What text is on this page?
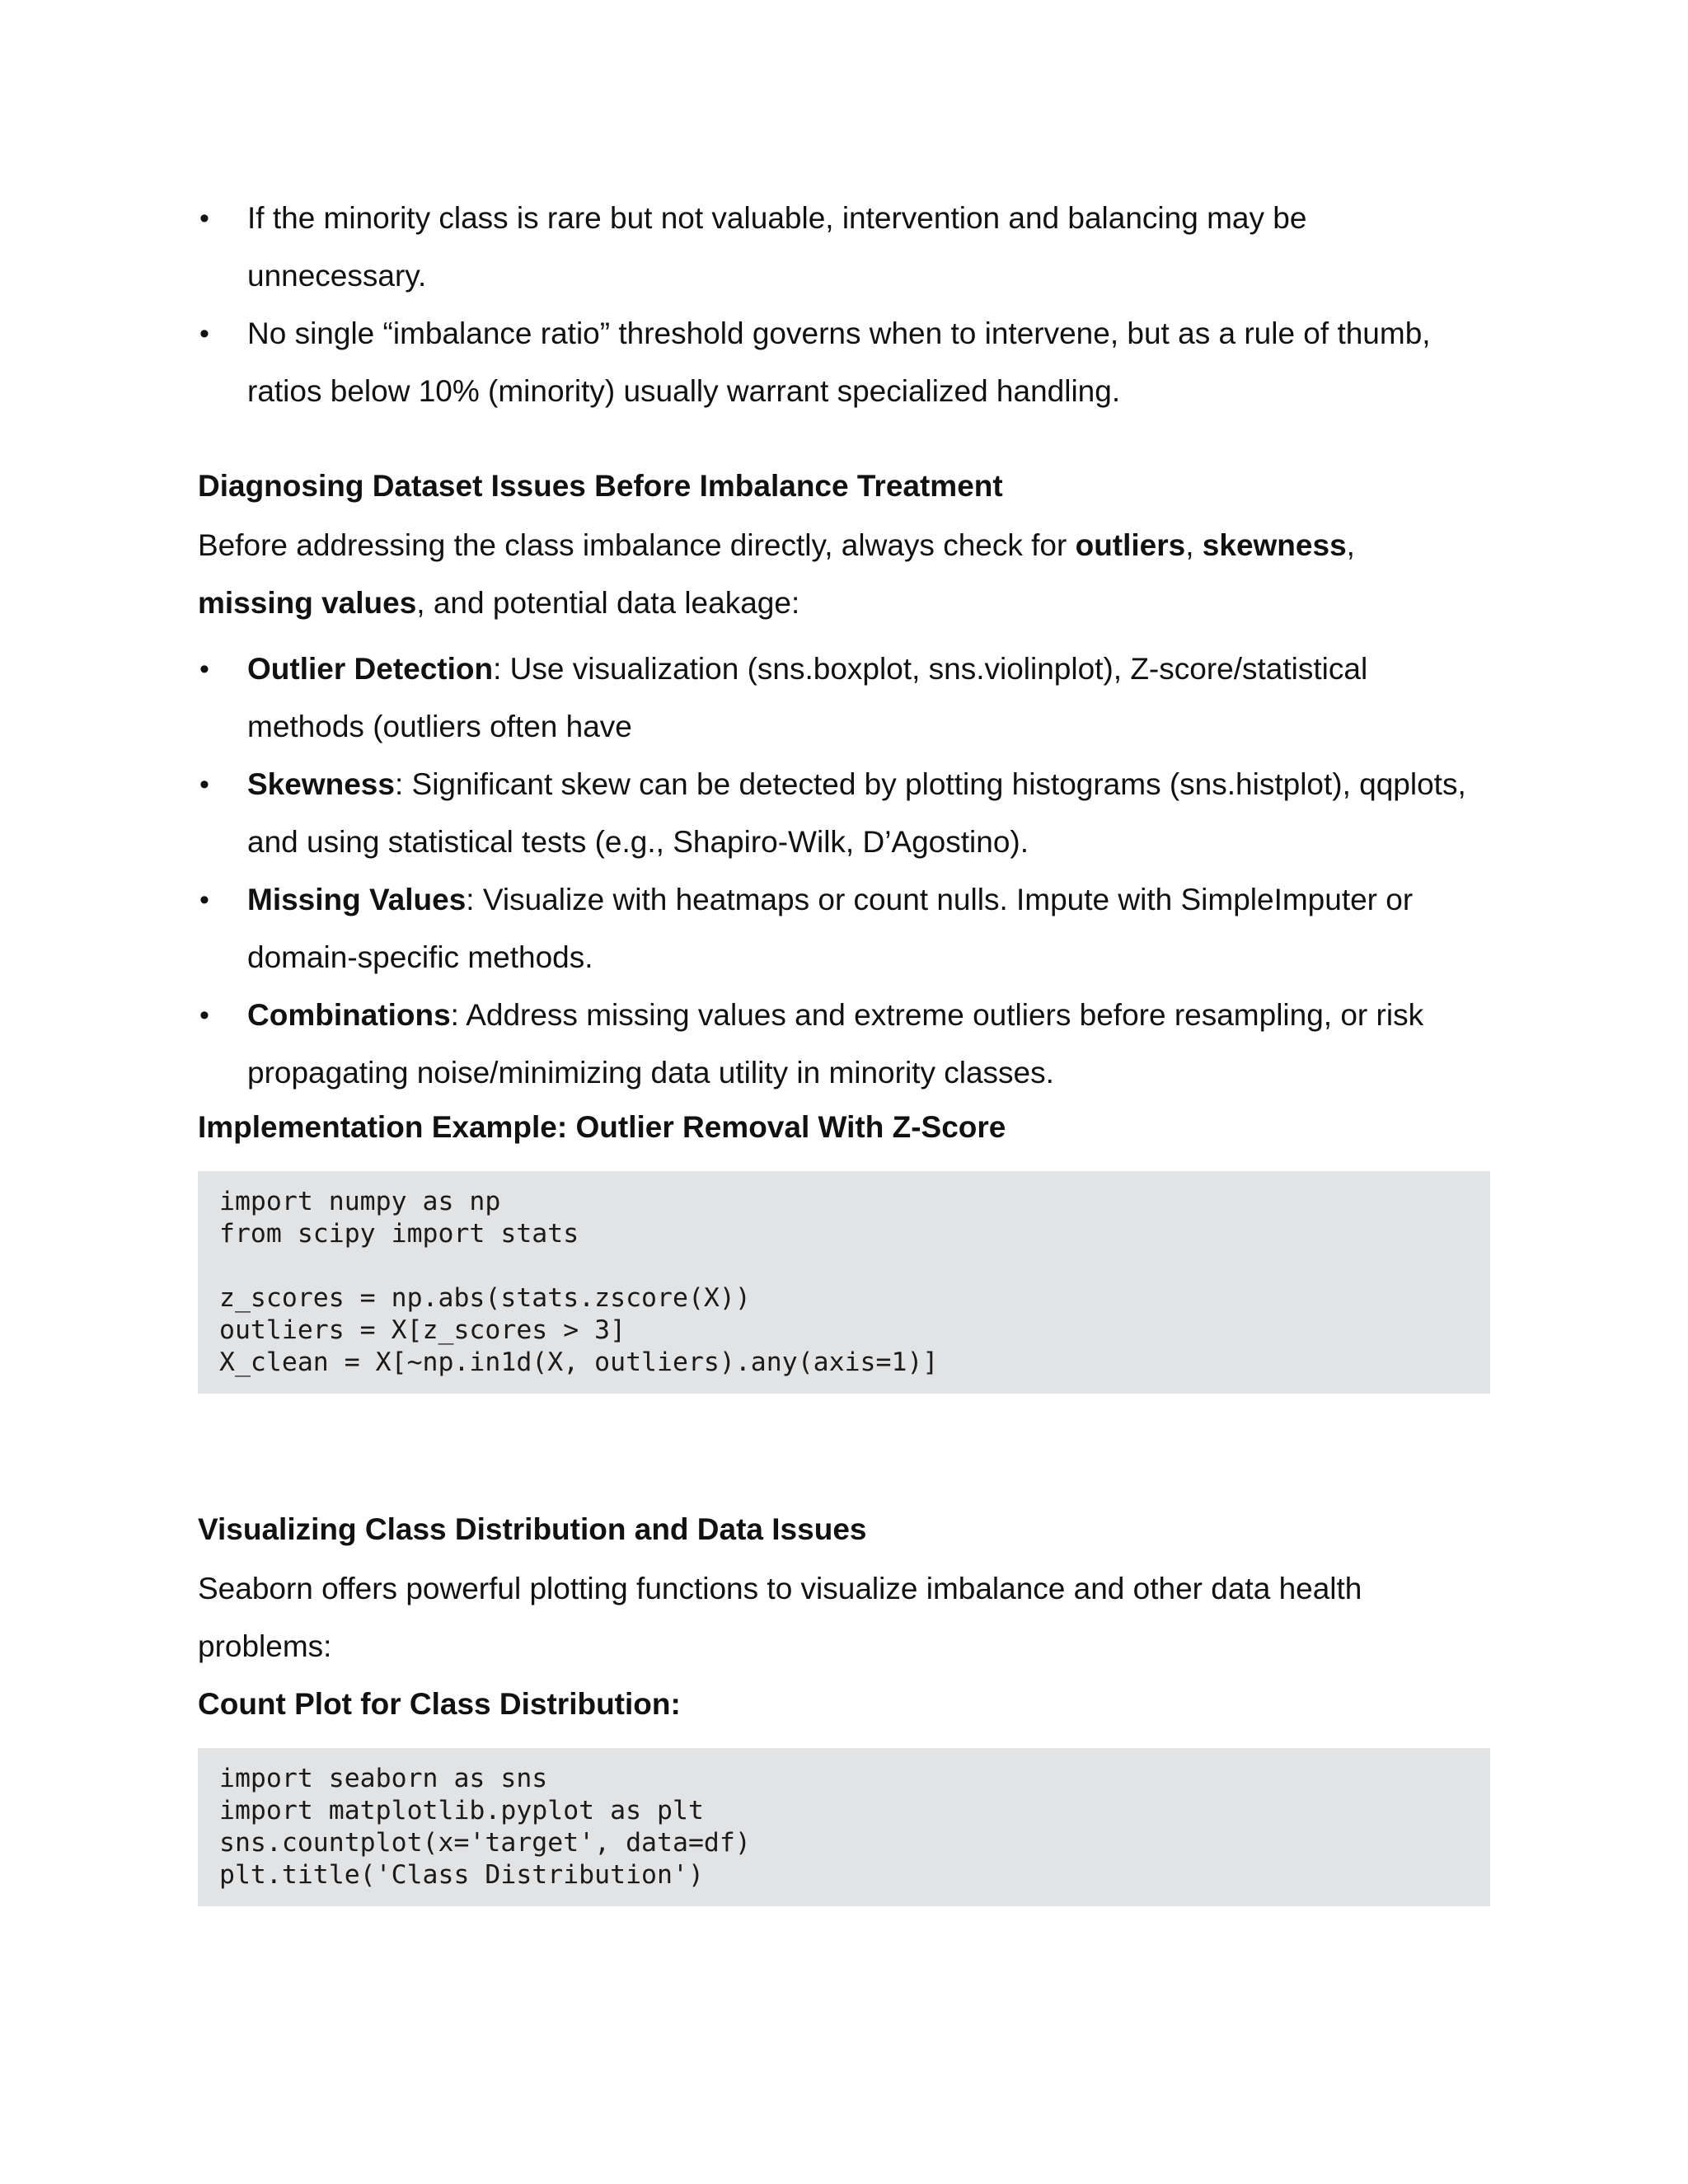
• If the minority class is rare but not valuable, intervention and balancing may be unnecessary.
• No single “imbalance ratio” threshold governs when to intervene, but as a rule of thumb, ratios below 10% (minority) usually warrant specialized handling.
Diagnosing Dataset Issues Before Imbalance Treatment

Before addressing the class imbalance directly, always check for outliers, skewness,
missing values, and potential data leakage:

• Outlier Detection: Use visualization (sns.boxplot, sns.violinplot), Z-score/statistical methods (outliers often have
• Skewness: Significant skew can be detected by plotting histograms (sns.histplot), qqplots, and using statistical tests (e.g., Shapiro-Wilk, D’Agostino).
• Missing Values: Visualize with heatmaps or count nulls. Impute with SimpleImputer or domain-specific methods.
• Combinations: Address missing values and extreme outliers before resampling, or risk propagating noise/minimizing data utility in minority classes.
Implementation Example: Outlier Removal With Z-Score
import numpy as np
from scipy import stats
z_scores = np.abs(stats.zscore(X))
outliers = X[z_scores > 3]
X_clean = X[~np.in1d(X, outliers).any(axis=1)]
Visualizing Class Distribution and Data Issues

Seaborn offers powerful plotting functions to visualize imbalance and other data health problems:

Count Plot for Class Distribution:
import seaborn as sns
import matplotlib.pyplot as plt
sns.countplot(x='target', data=df)
plt.title('Class Distribution')
